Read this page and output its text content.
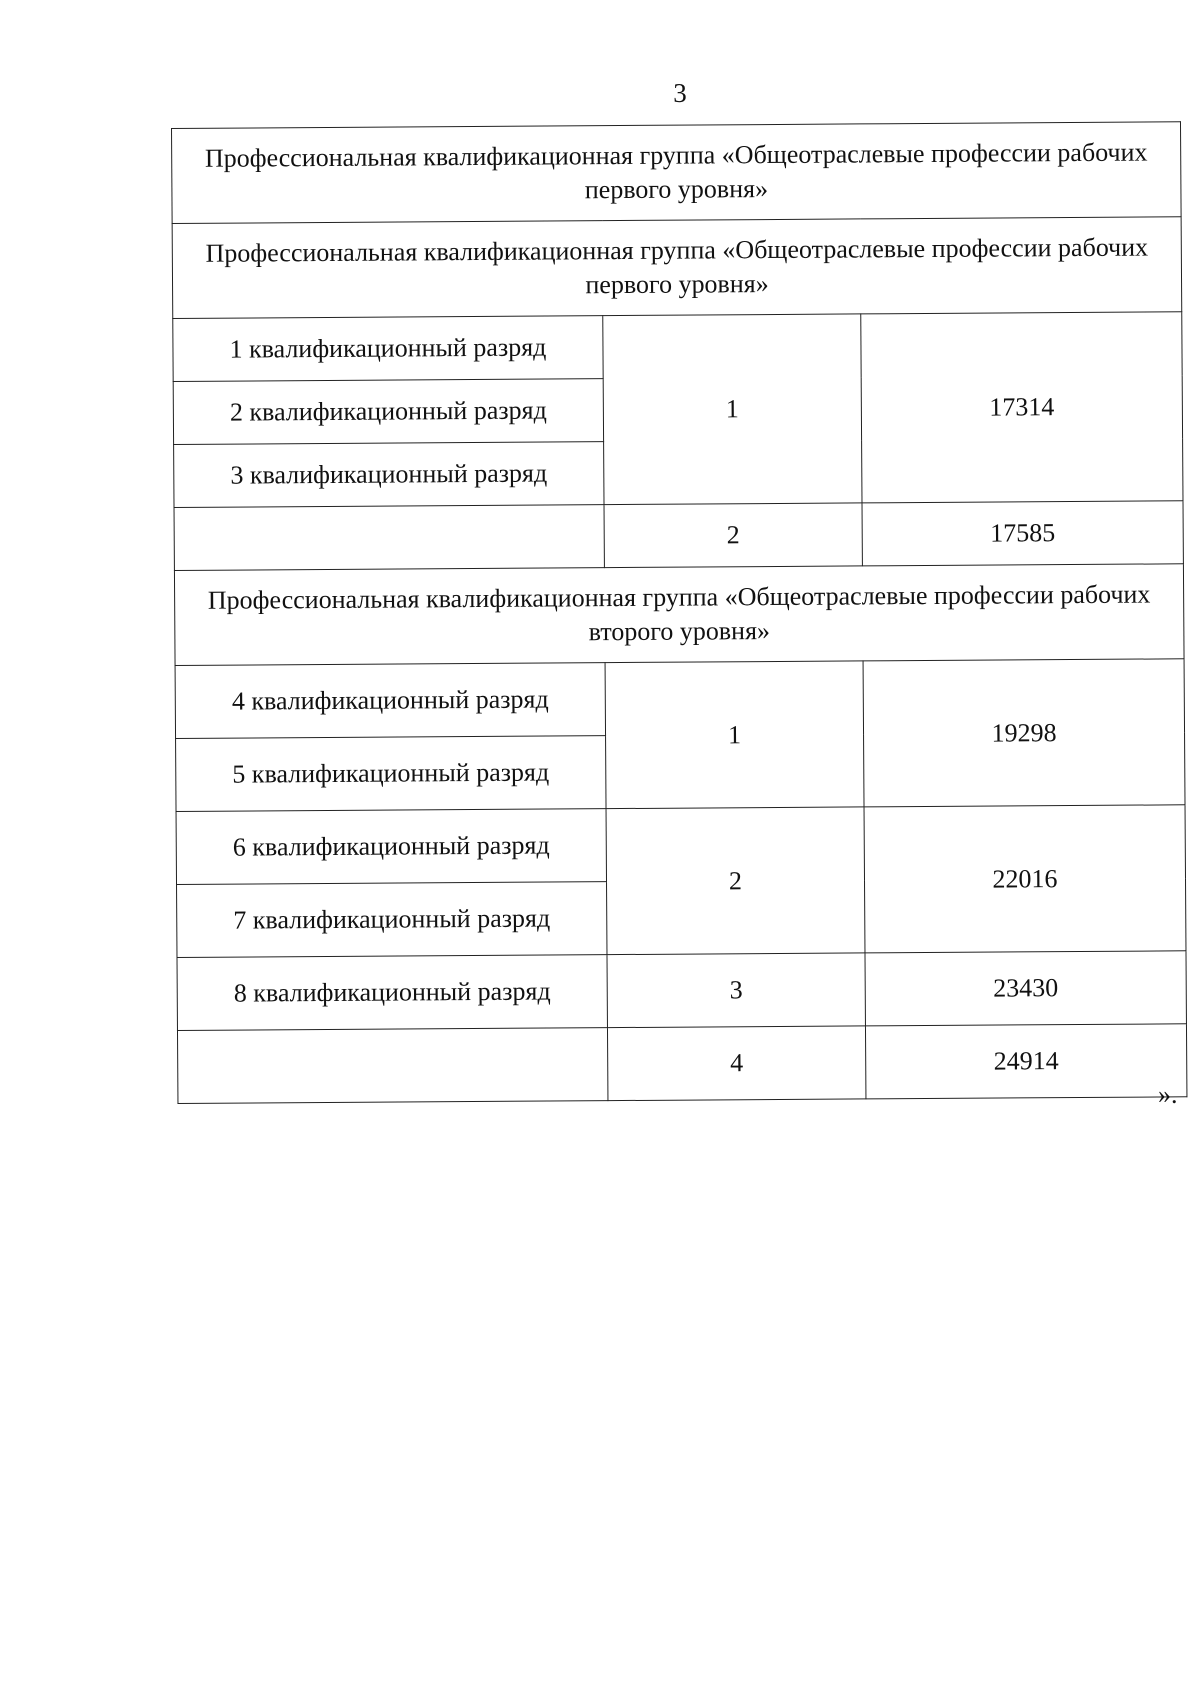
3
Профессиональная квалификационная группа «Общеотраслевые профессии рабочих первого уровня»		
Профессиональная квалификационная группа «Общеотраслевые профессии рабочих первого уровня»		
1 квалификационный разряд	1	17314
2 квалификационный разряд		
3 квалификационный разряд		
	2	17585
Профессиональная квалификационная группа «Общеотраслевые профессии рабочих второго уровня»		
4 квалификационный разряд	1	19298
5 квалификационный разряд		
6 квалификационный разряд	2	22016
7 квалификационный разряд		
8 квалификационный разряд	3	23430
	4	24914
».
